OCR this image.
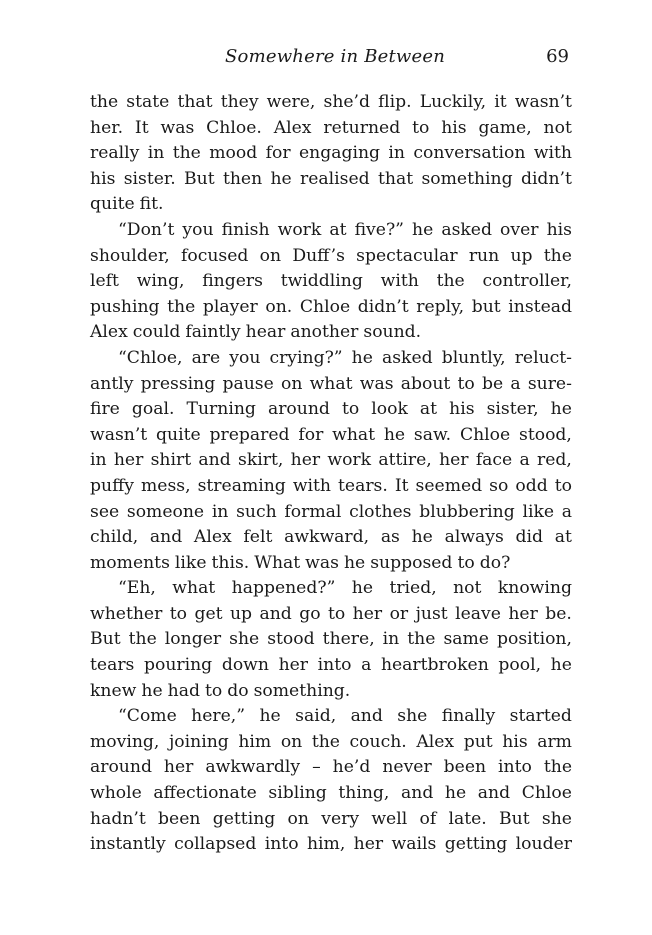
Somewhere in Between	69
the state that they were, she’d flip. Luckily, it wasn’t
her. It was Chloe. Alex returned to his game, not
really in the mood for engaging in conversation with
his sister. But then he realised that something didn’t
quite fit.
“Don’t you finish work at five?” he asked over his
shoulder, focused on Duff’s spectacular run up the
left wing, fingers twiddling with the controller,
pushing the player on. Chloe didn’t reply, but instead
Alex could faintly hear another sound.
“Chloe, are you crying?” he asked bluntly, reluct-
antly pressing pause on what was about to be a sure-
fire goal. Turning around to look at his sister, he
wasn’t quite prepared for what he saw. Chloe stood,
in her shirt and skirt, her work attire, her face a red,
puffy mess, streaming with tears. It seemed so odd to
see someone in such formal clothes blubbering like a
child, and Alex felt awkward, as he always did at
moments like this. What was he supposed to do?
“Eh, what happened?” he tried, not knowing
whether to get up and go to her or just leave her be.
But the longer she stood there, in the same position,
tears pouring down her into a heartbroken pool, he
knew he had to do something.
“Come here,” he said, and she finally started
moving, joining him on the couch. Alex put his arm
around her awkwardly – he’d never been into the
whole affectionate sibling thing, and he and Chloe
hadn’t been getting on very well of late. But she
instantly collapsed into him, her wails getting louder
